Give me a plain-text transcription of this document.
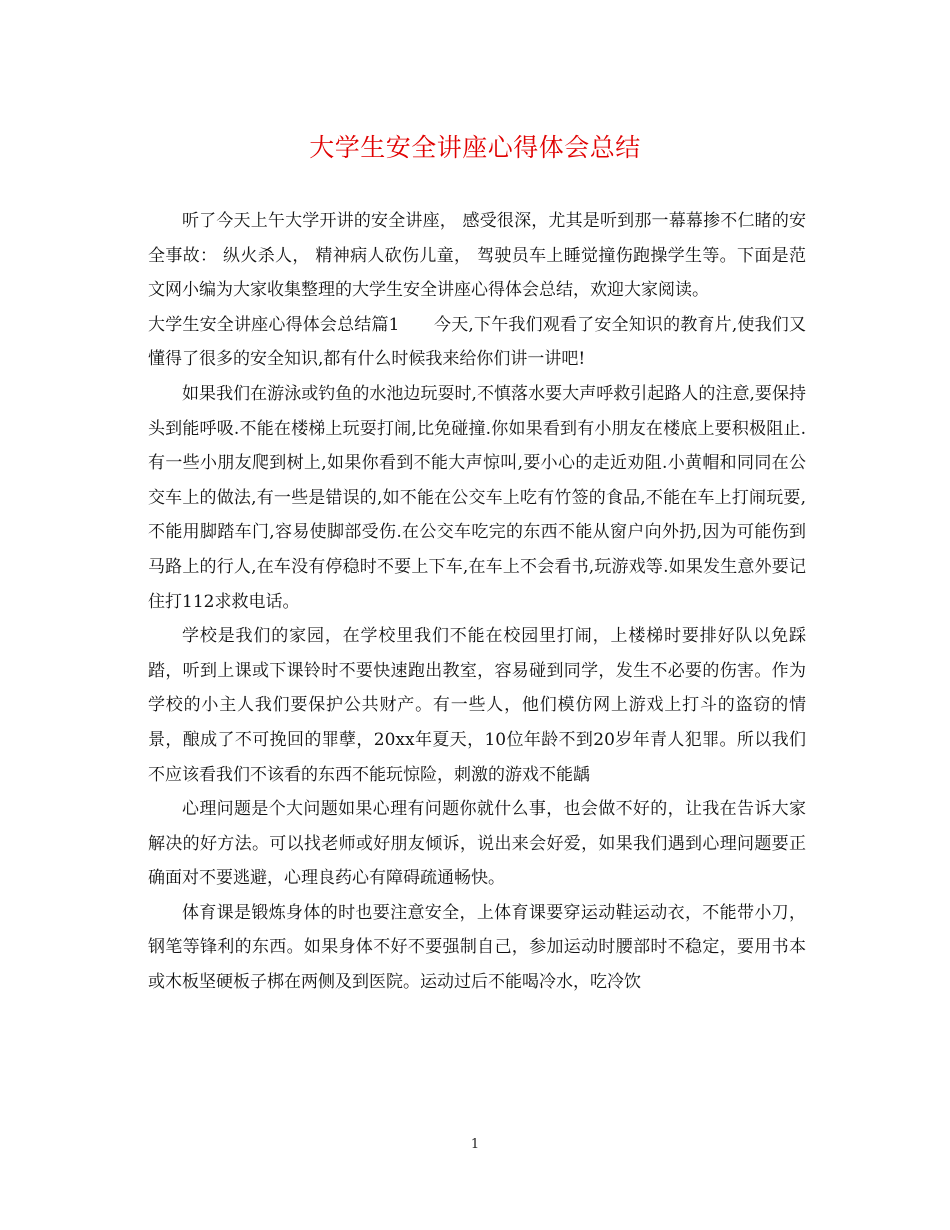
大学生安全讲座心得体会总结

听了今天上午大学开讲的安全讲座， 感受很深，尤其是听到那一幕幕掺不仁睹的安全事故： 纵火杀人， 精神病人砍伤儿童， 驾驶员车上睡觉撞伤跑操学生等。下面是范文网小编为大家收集整理的大学生安全讲座心得体会总结，欢迎大家阅读。

大学生安全讲座心得体会总结篇1　　今天,下午我们观看了安全知识的教育片,使我们又懂得了很多的安全知识,都有什么时候我来给你们讲一讲吧!

如果我们在游泳或钓鱼的水池边玩耍时,不慎落水要大声呼救引起路人的注意,要保持头到能呼吸.不能在楼梯上玩耍打闹,比免碰撞.你如果看到有小朋友在楼底上要积极阻止.有一些小朋友爬到树上,如果你看到不能大声惊叫,要小心的走近劝阻.小黄帽和同同在公交车上的做法,有一些是错误的,如不能在公交车上吃有竹签的食品,不能在车上打闹玩要,不能用脚踏车门,容易使脚部受伤.在公交车吃完的东西不能从窗户向外扔,因为可能伤到马路上的行人,在车没有停稳时不要上下车,在车上不会看书,玩游戏等.如果发生意外要记住打112求救电话。

学校是我们的家园，在学校里我们不能在校园里打闹，上楼梯时要排好队以免踩踏，听到上课或下课铃时不要快速跑出教室，容易碰到同学，发生不必要的伤害。作为学校的小主人我们要保护公共财产。有一些人，他们模仿网上游戏上打斗的盗窃的情景，酿成了不可挽回的罪孽，20xx年夏天，10位年龄不到20岁年青人犯罪。所以我们不应该看我们不该看的东西不能玩惊险，刺激的游戏不能龋

心理问题是个大问题如果心理有问题你就什么事，也会做不好的，让我在告诉大家解决的好方法。可以找老师或好朋友倾诉，说出来会好爱，如果我们遇到心理问题要正确面对不要逃避，心理良药心有障碍疏通畅快。

体育课是锻炼身体的时也要注意安全，上体育课要穿运动鞋运动衣，不能带小刀，钢笔等锋利的东西。如果身体不好不要强制自己，参加运动时腰部时不稳定，要用书本或木板坚硬板子梆在两侧及到医院。运动过后不能喝冷水，吃冷饮

1
